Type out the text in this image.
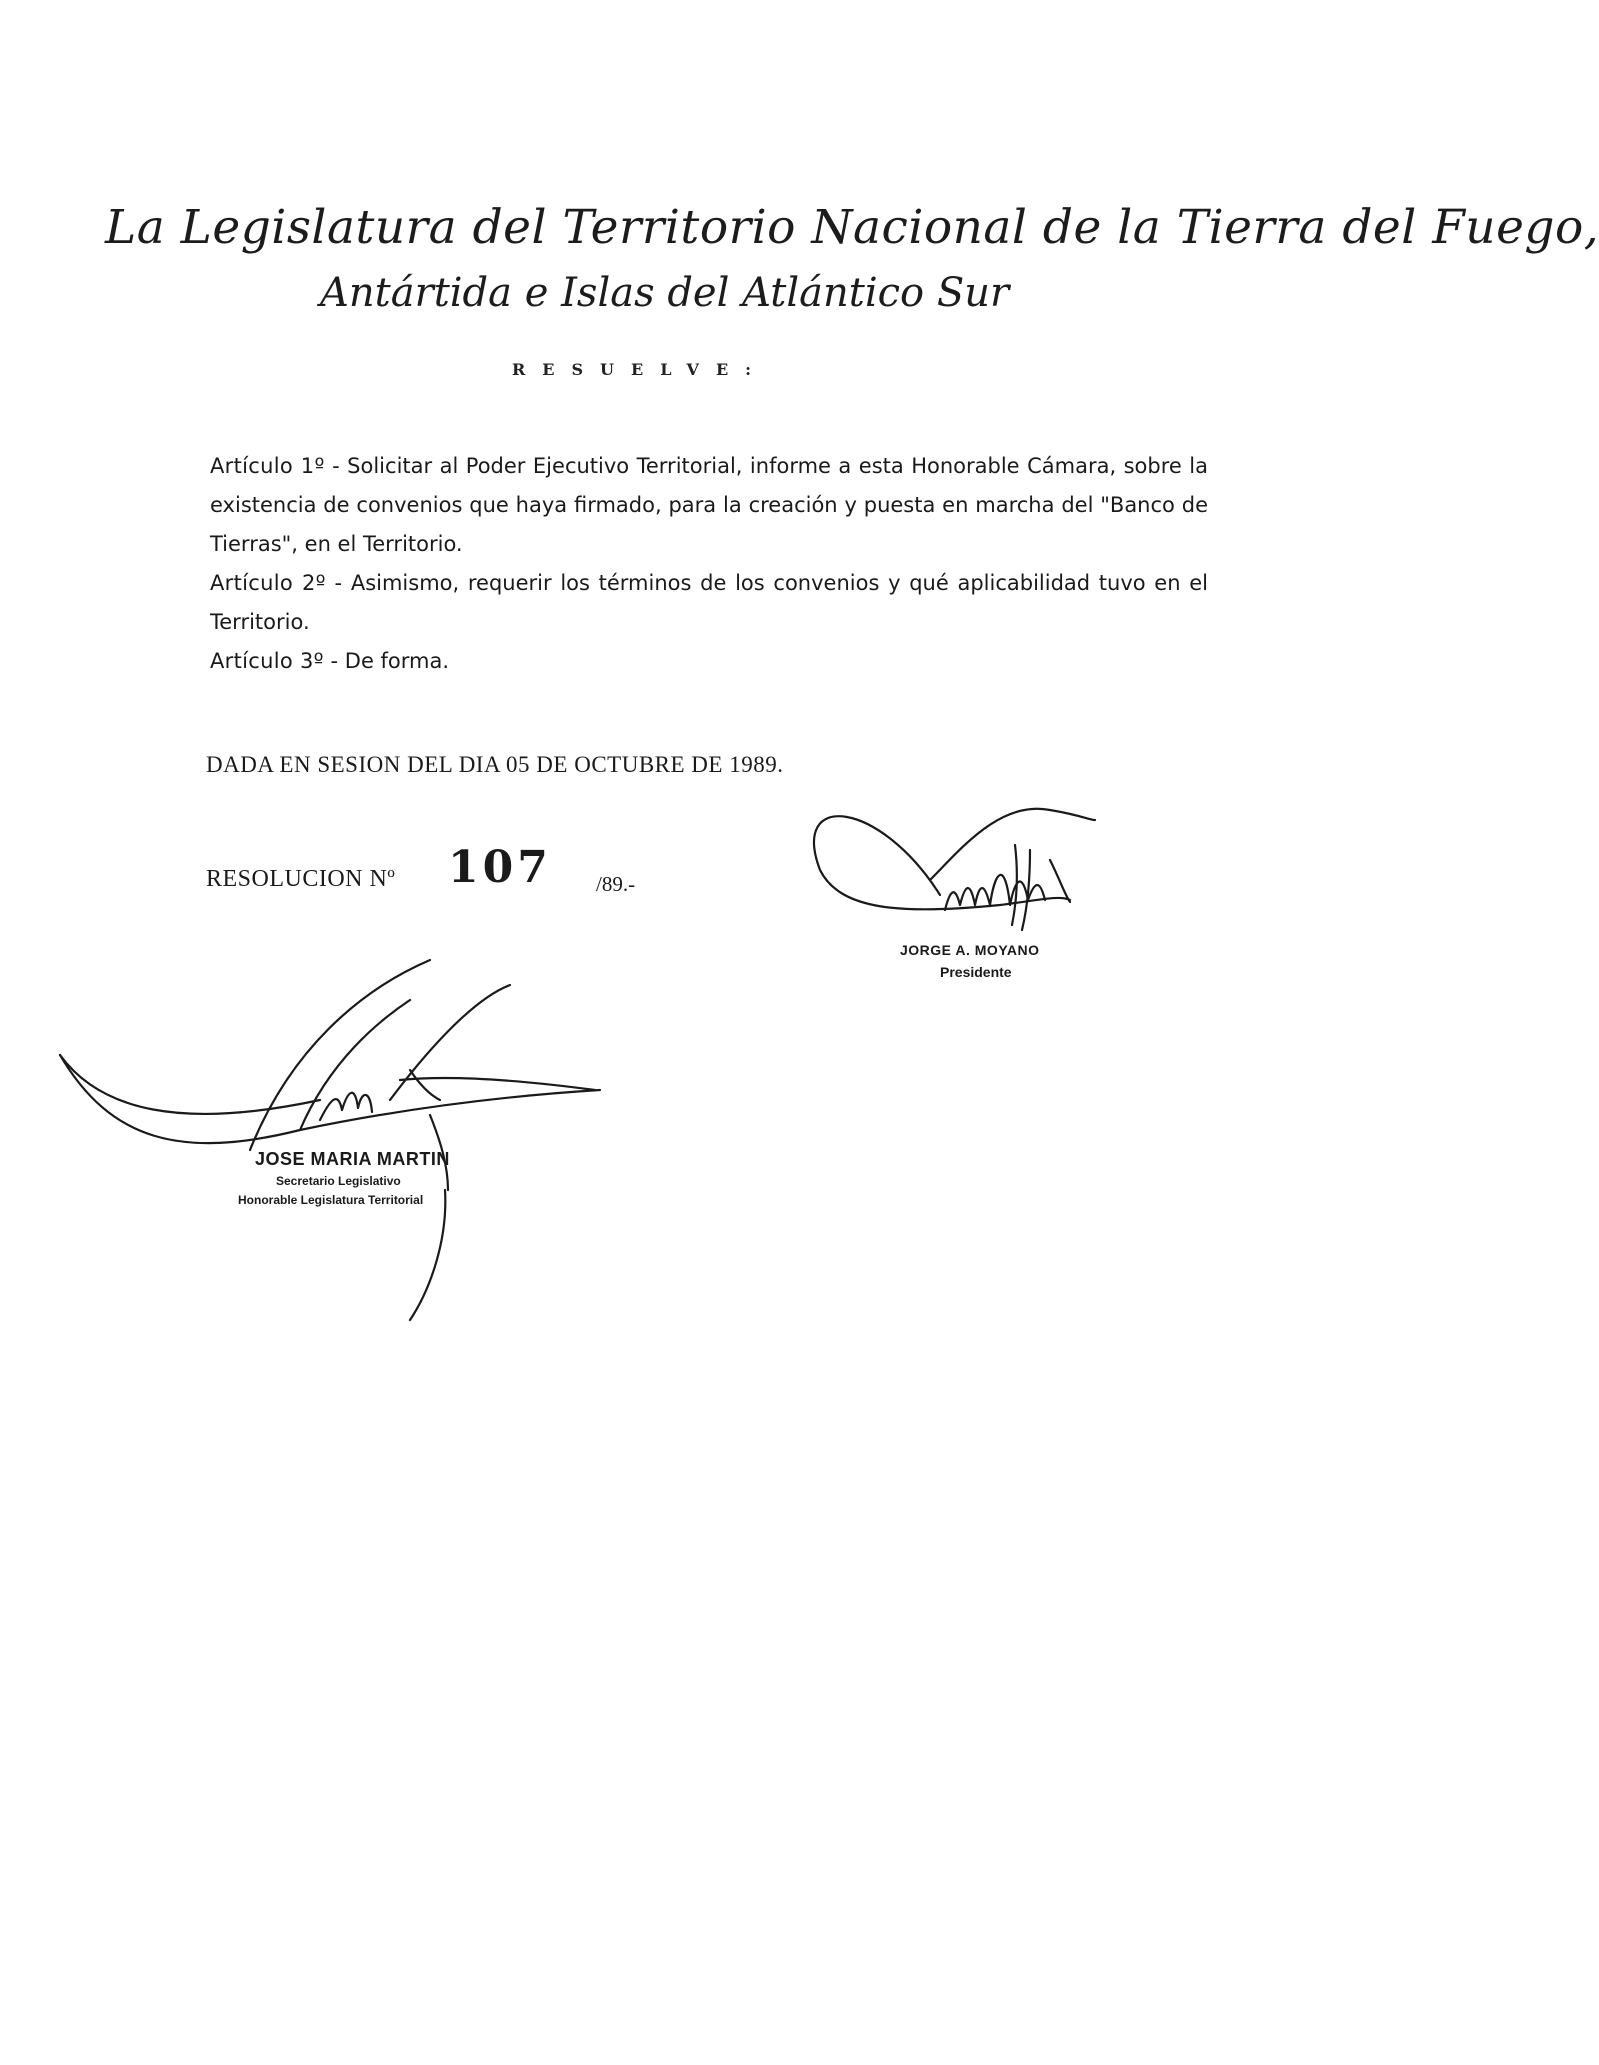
La Legislatura del Territorio Nacional de la Tierra del Fuego,
Antártida e Islas del Atlántico Sur
RESUELVE:

Artículo 1º - Solicitar al Poder Ejecutivo Territorial, informe a esta Honorable Cámara, sobre la existencia de convenios que haya firmado, para la creación y puesta en marcha del "Banco de Tierras", en el Territorio.

Artículo 2º - Asimismo, requerir los términos de los convenios y qué aplicabilidad tuvo en el Territorio.

Artículo 3º - De forma.

DADA EN SESION DEL DIA 05 DE OCTUBRE DE 1989.
RESOLUCION Nº 107 /89.-
JORGE A. MOYANO
Presidente
JOSE MARIA MARTIN
Secretario Legislativo
Honorable Legislatura Territorial
